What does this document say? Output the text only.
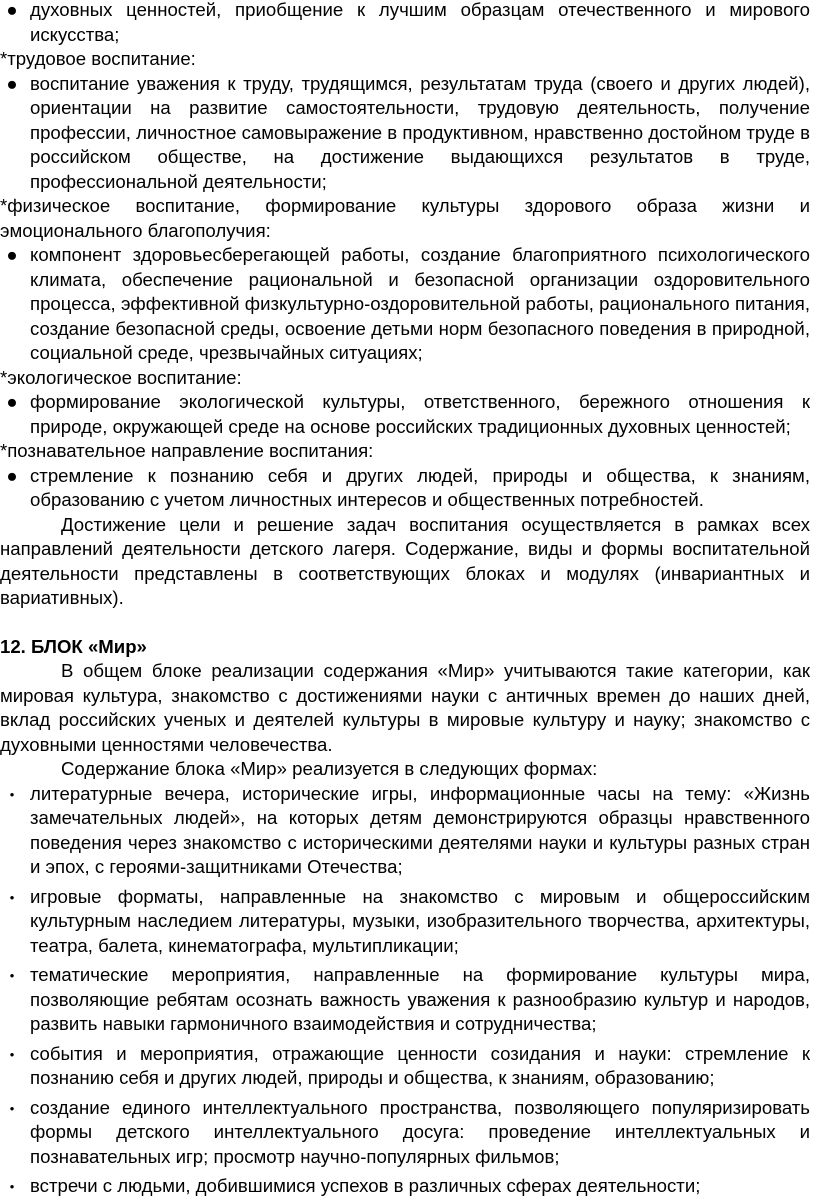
● духовных ценностей, приобщение к лучшим образцам отечественного и мирового искусства;

*трудовое воспитание:

● воспитание уважения к труду, трудящимся, результатам труда (своего и других людей), ориентации на развитие самостоятельности, трудовую деятельность, получение профессии, личностное самовыражение в продуктивном, нравственно достойном труде в российском обществе, на достижение выдающихся результатов в труде, профессиональной деятельности;

*физическое воспитание, формирование культуры здорового образа жизни и эмоционального благополучия:

● компонент здоровьесберегающей работы, создание благоприятного психологического климата, обеспечение рациональной и безопасной организации оздоровительного процесса, эффективной физкультурно-оздоровительной работы, рационального питания, создание безопасной среды, освоение детьми норм безопасного поведения в природной, социальной среде, чрезвычайных ситуациях;

*экологическое воспитание:

● формирование экологической культуры, ответственного, бережного отношения к природе, окружающей среде на основе российских традиционных духовных ценностей;

*познавательное направление воспитания:

● стремление к познанию себя и других людей, природы и общества, к знаниям, образованию с учетом личностных интересов и общественных потребностей.

Достижение цели и решение задач воспитания осуществляется в рамках всех направлений деятельности детского лагеря. Содержание, виды и формы воспитательной деятельности представлены в соответствующих блоках и модулях (инвариантных и вариативных).

12. БЛОК «Мир»

В общем блоке реализации содержания «Мир» учитываются такие категории, как мировая культура, знакомство с достижениями науки с античных времен до наших дней, вклад российских ученых и деятелей культуры в мировые культуру и науку; знакомство с духовными ценностями человечества.

Содержание блока «Мир» реализуется в следующих формах:

• литературные вечера, исторические игры, информационные часы на тему: «Жизнь замечательных людей», на которых детям демонстрируются образцы нравственного поведения через знакомство с историческими деятелями науки и культуры разных стран и эпох, с героями-защитниками Отечества;
• игровые форматы, направленные на знакомство с мировым и общероссийским культурным наследием литературы, музыки, изобразительного творчества, архитектуры, театра, балета, кинематографа, мультипликации;
• тематические мероприятия, направленные на формирование культуры мира, позволяющие ребятам осознать важность уважения к разнообразию культур и народов, развить навыки гармоничного взаимодействия и сотрудничества;
• события и мероприятия, отражающие ценности созидания и науки: стремление к познанию себя и других людей, природы и общества, к знаниям, образованию;
• создание единого интеллектуального пространства, позволяющего популяризировать формы детского интеллектуального досуга: проведение интеллектуальных и познавательных игр; просмотр научно-популярных фильмов;
• встречи с людьми, добившимися успехов в различных сферах деятельности;
